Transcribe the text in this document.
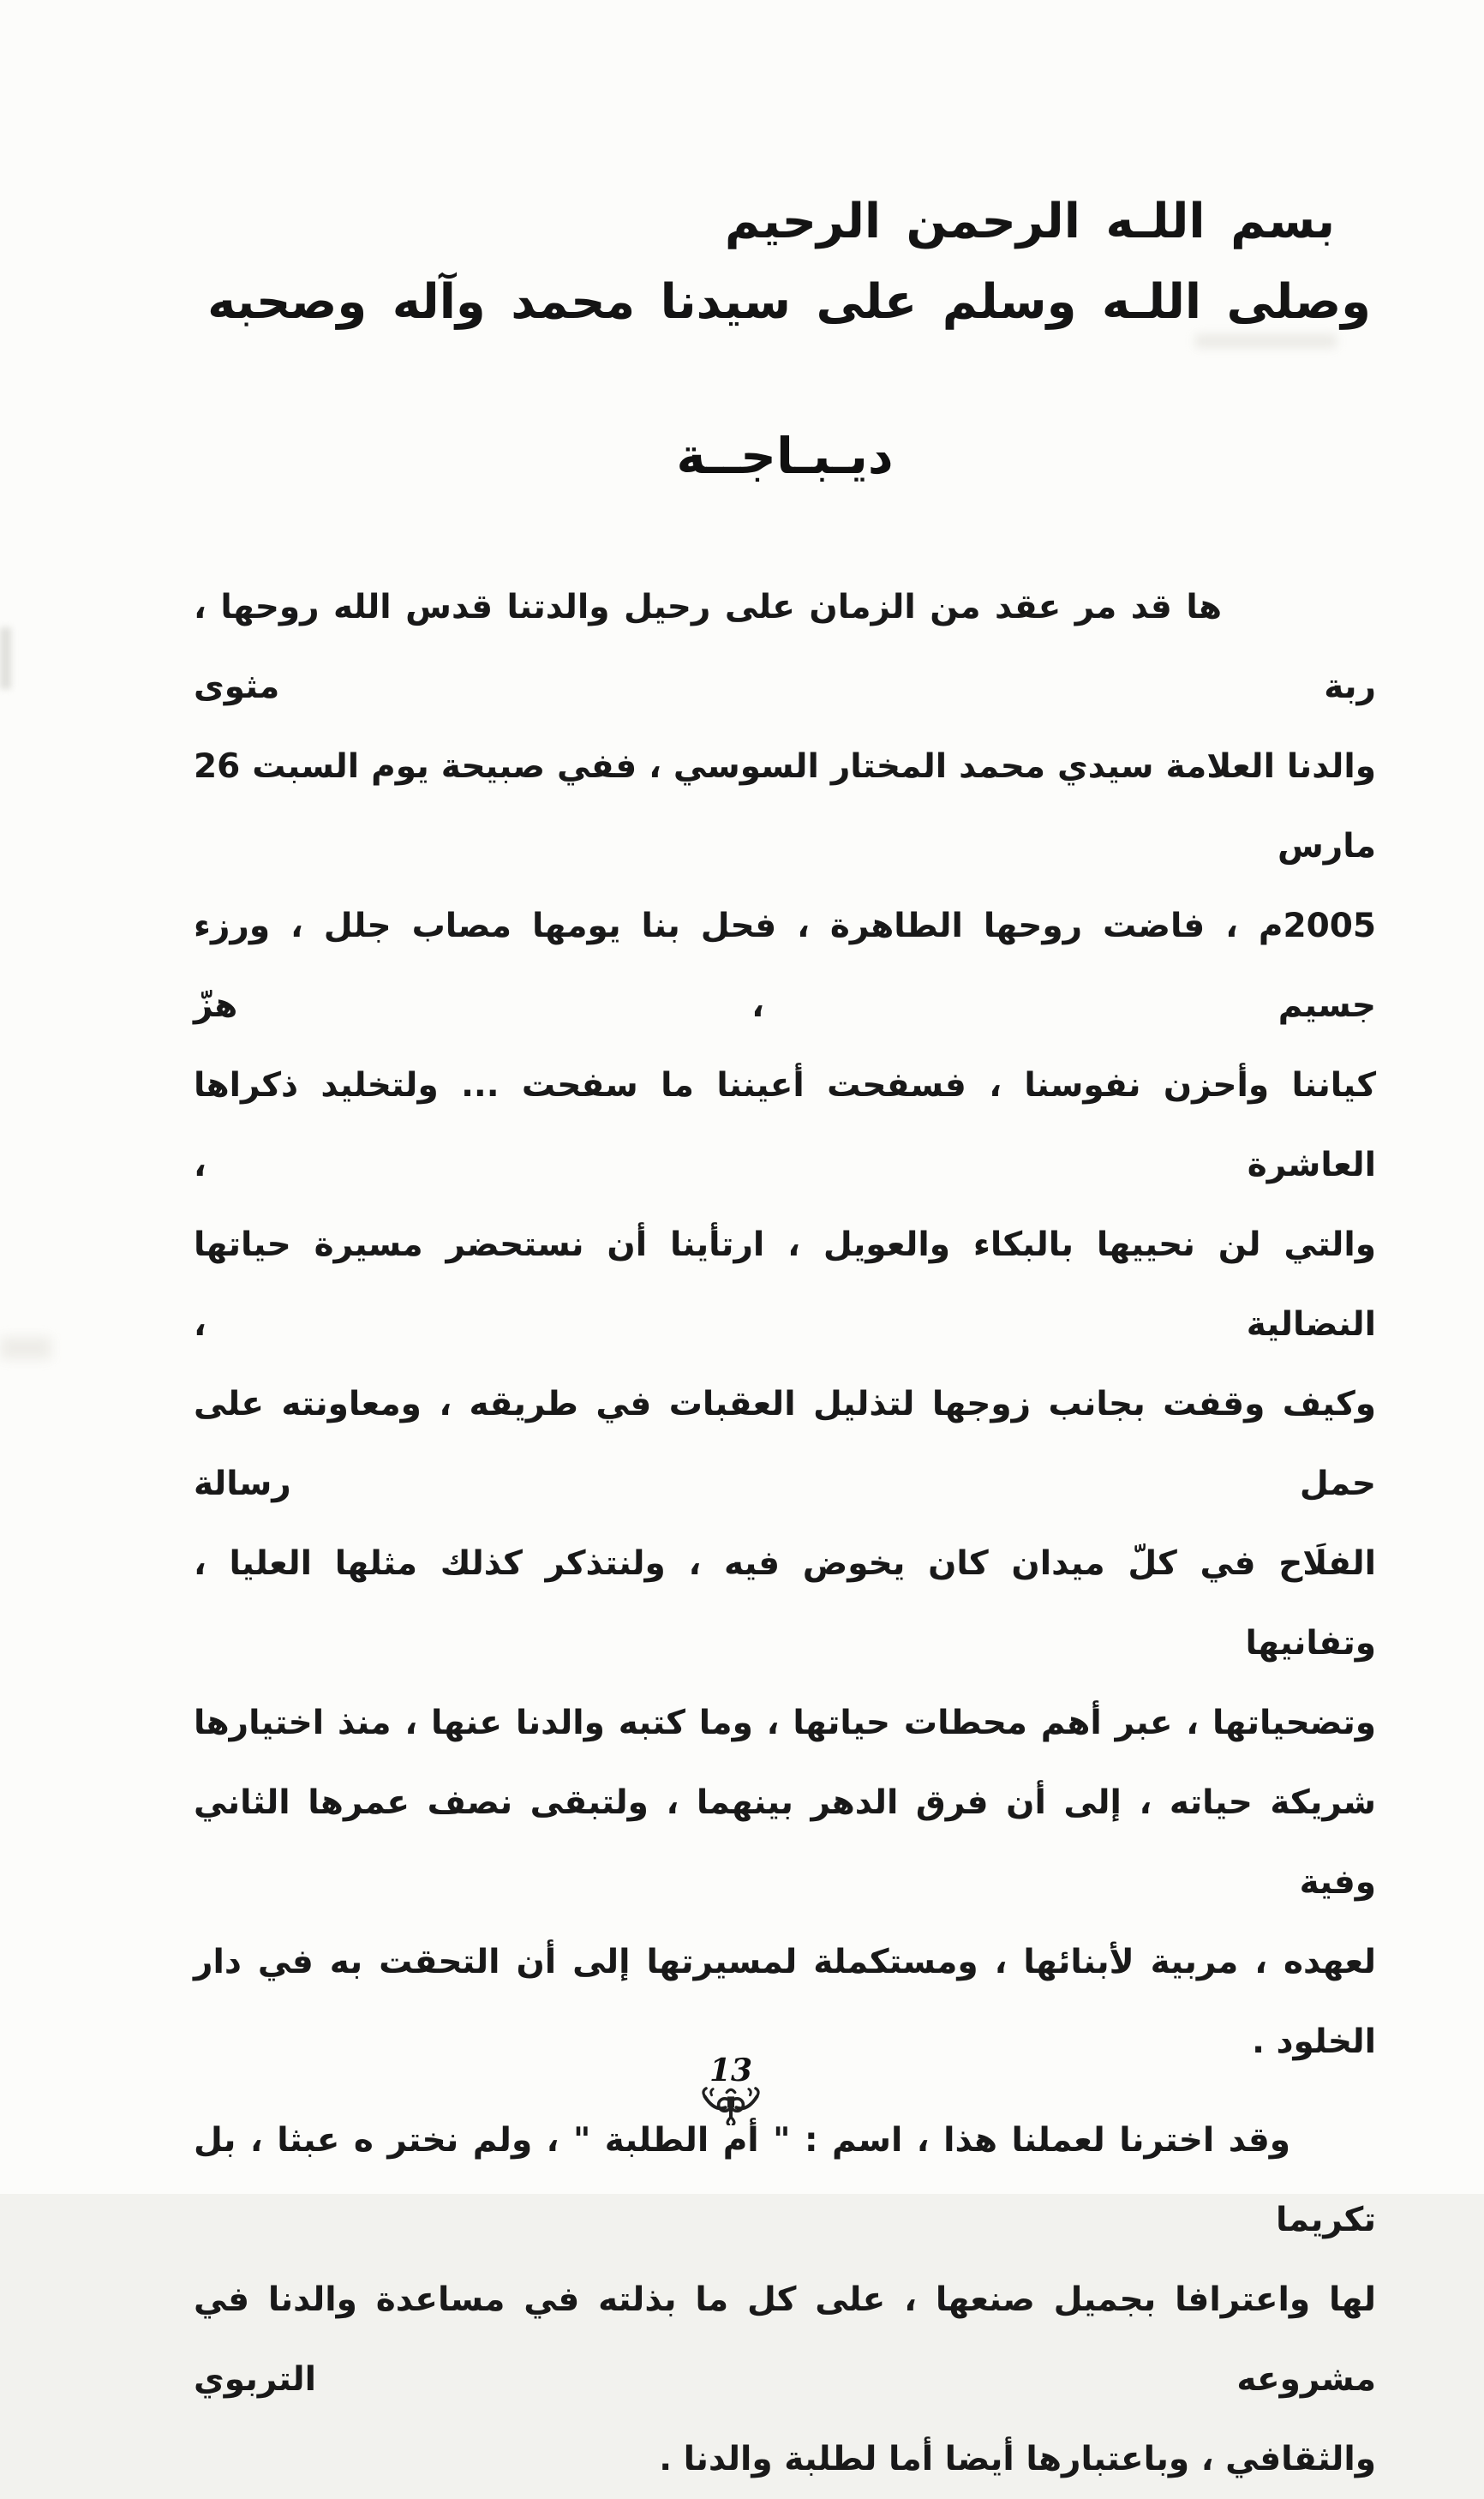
بسم اللـه الرحمن الرحيم
وصلى اللـه وسلم على سيدنا محمد وآله وصحبه
ديـبـاجــة
ها قد مر عقد من الزمان على رحيل والدتنا قدس الله روحها ، ربة مثوى
والدنا العلامة سيدي محمد المختار السوسي ، ففي صبيحة يوم السبت 26 مارس
2005م ، فاضت روحها الطاهرة ، فحل بنا يومها مصاب جلل ، ورزء جسيم ، هزّ
كياننا وأحزن نفوسنا ، فسفحت أعيننا ما سفحت ... ولتخليد ذكراها العاشرة ،
والتي لن نحييها بالبكاء والعويل ، ارتأينا أن نستحضر مسيرة حياتها النضالية ،
وكيف وقفت بجانب زوجها لتذليل العقبات في طريقه ، ومعاونته على حمل رسالة
الفلَاح في كلّ ميدان كان يخوض فيه ، ولنتذكر كذلك مثلها العليا ، وتفانيها
وتضحياتها ، عبر أهم محطات حياتها ، وما كتبه والدنا عنها ، منذ اختيارها
شريكة حياته ، إلى أن فرق الدهر بينهما ، ولتبقى نصف عمرها الثاني وفية
لعهده ، مربية لأبنائها ، ومستكملة لمسيرتها إلى أن التحقت به في دار الخلود .
وقد اخترنا لعملنا هذا ، اسم : " أم الطلبة " ، ولم نختر ه عبثا ، بل تكريما
لها واعترافا بجميل صنعها ، على كل ما بذلته في مساعدة والدنا في مشروعه التربوي
والثقافي ، وباعتبارها أيضا أما لطلبة والدنا .
13
